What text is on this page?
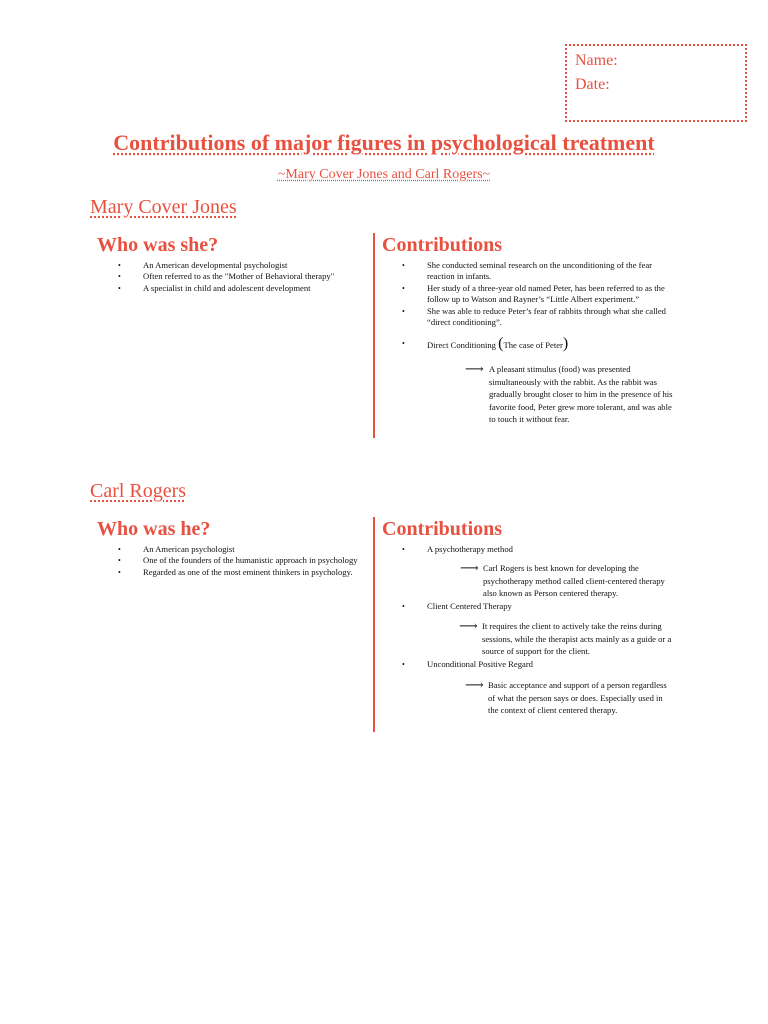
Name:
Date:
Contributions of major figures in psychological treatment
~Mary Cover Jones and Carl Rogers~
Mary Cover Jones
Who was she?
• An American developmental psychologist
• Often referred to as the "Mother of Behavioral therapy"
• A specialist in child and adolescent development
Contributions
• She conducted seminal research on the unconditioning of the fear reaction in infants.
• Her study of a three-year old named Peter, has been referred to as the follow up to Watson and Rayner’s “Little Albert experiment.”
• She was able to reduce Peter’s fear of rabbits through what she called “direct conditioning”.
• Direct Conditioning (The case of Peter)
⟶ A pleasant stimulus (food) was presented simultaneously with the rabbit. As the rabbit was gradually brought closer to him in the presence of his favorite food, Peter grew more tolerant, and was able to touch it without fear.
Carl Rogers
Who was he?
• An American psychologist
• One of the founders of the humanistic approach in psychology
• Regarded as one of the most eminent thinkers in psychology.
Contributions
• A psychotherapy method
⟶ Carl Rogers is best known for developing the psychotherapy method called client-centered therapy also known as Person centered therapy.
• Client Centered Therapy
⟶ It requires the client to actively take the reins during sessions, while the therapist acts mainly as a guide or a source of support for the client.
• Unconditional Positive Regard
⟶ Basic acceptance and support of a person regardless of what the person says or does. Especially used in the context of client centered therapy.
